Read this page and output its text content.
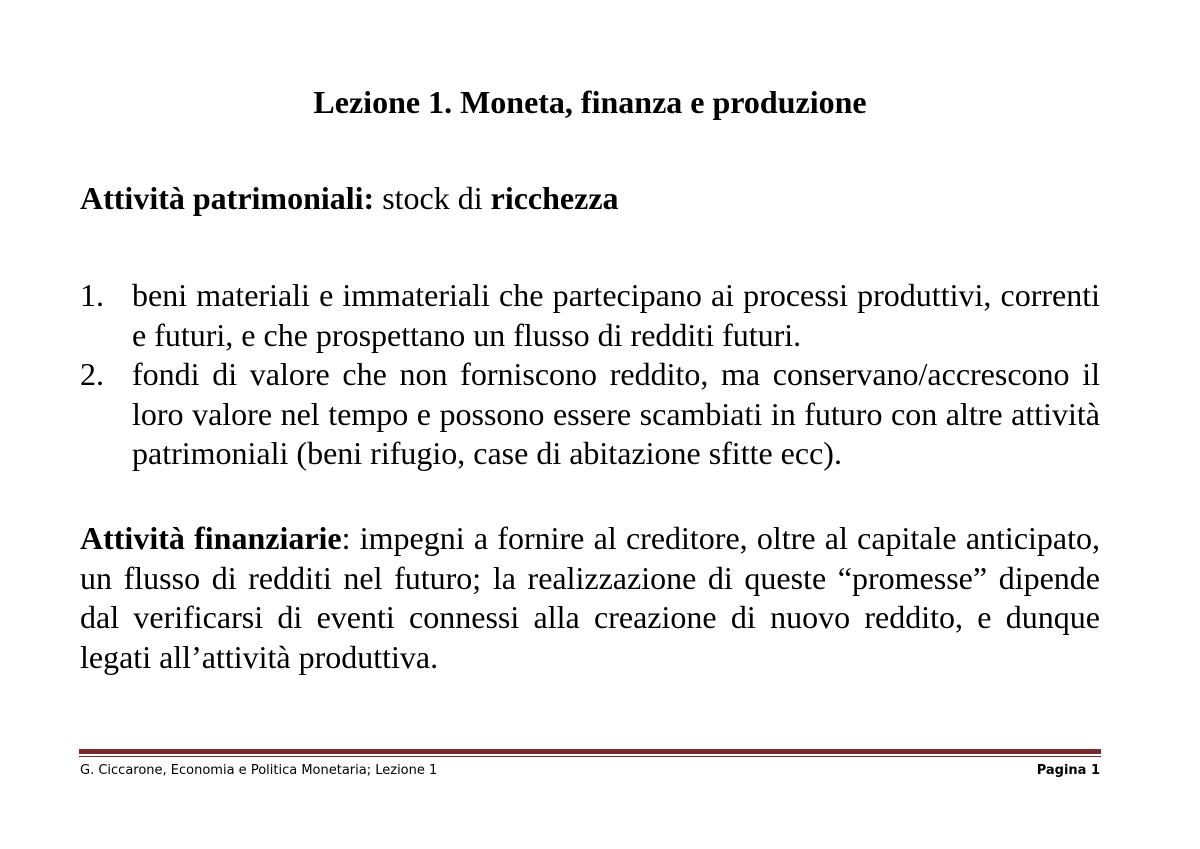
Lezione 1. Moneta, finanza e produzione
Attività patrimoniali: stock di ricchezza
1. beni materiali e immateriali che partecipano ai processi produttivi, correnti e futuri, e che prospettano un flusso di redditi futuri.
2. fondi di valore che non forniscono reddito, ma conservano/accrescono il loro valore nel tempo e possono essere scambiati in futuro con altre attività patrimoniali (beni rifugio, case di abitazione sfitte ecc).

Attività finanziarie: impegni a fornire al creditore, oltre al capitale anticipato, un flusso di redditi nel futuro; la realizzazione di queste “promesse” dipende dal verificarsi di eventi connessi alla creazione di nuovo reddito, e dunque legati all’attività produttiva.

G. Ciccarone, Economia e Politica Monetaria; Lezione 1	Pagina 1
